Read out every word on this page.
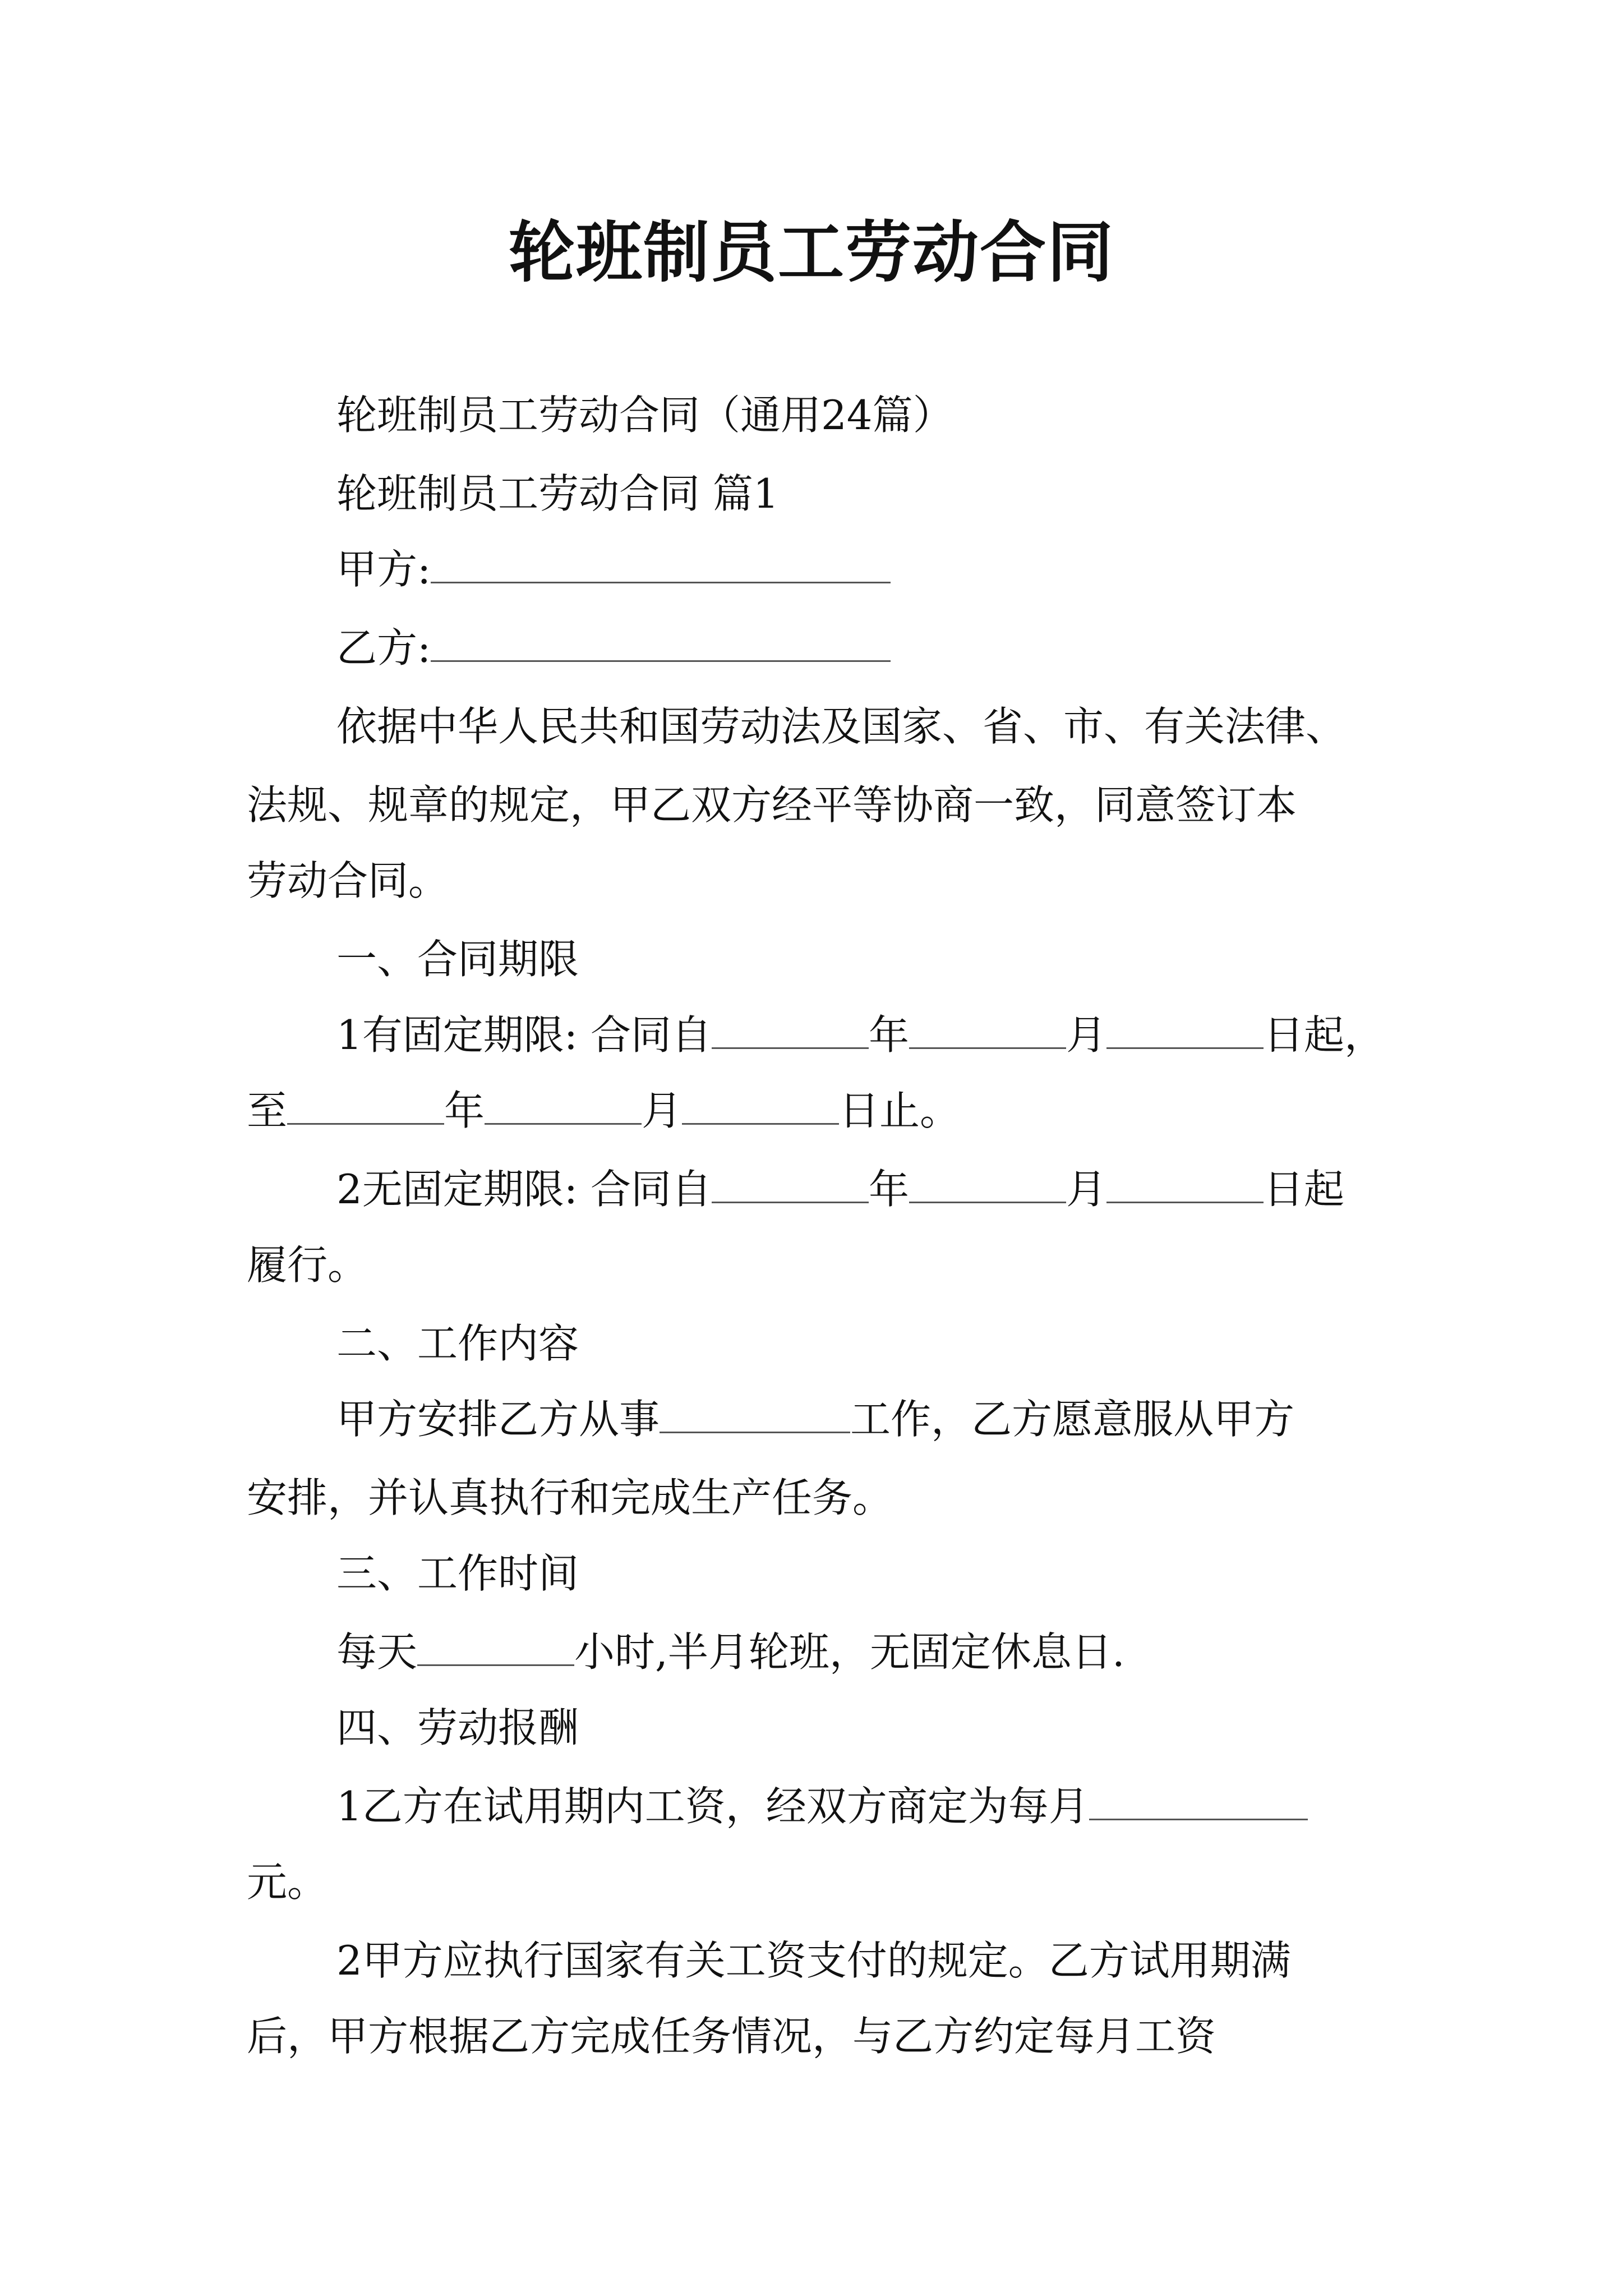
轮班制员工劳动合同
轮班制员工劳动合同（通用24篇）
轮班制员工劳动合同 篇1
甲方:
乙方:
依据中华人民共和国劳动法及国家、省、市、有关法律、
法规、规章的规定，甲乙双方经平等协商一致，同意签订本
劳动合同。
一、合同期限
1有固定期限: 合同自	年	月	日起，
至	年	月	日止。
2无固定期限: 合同自	年	月	日起
履行。
二、工作内容
甲方安排乙方从事	工作，乙方愿意服从甲方
安排，并认真执行和完成生产任务。
三、工作时间
每天	小时,半月轮班，无固定休息日.
四、劳动报酬
1乙方在试用期内工资，经双方商定为每月
元。
2甲方应执行国家有关工资支付的规定。乙方试用期满
后，甲方根据乙方完成任务情况，与乙方约定每月工资
